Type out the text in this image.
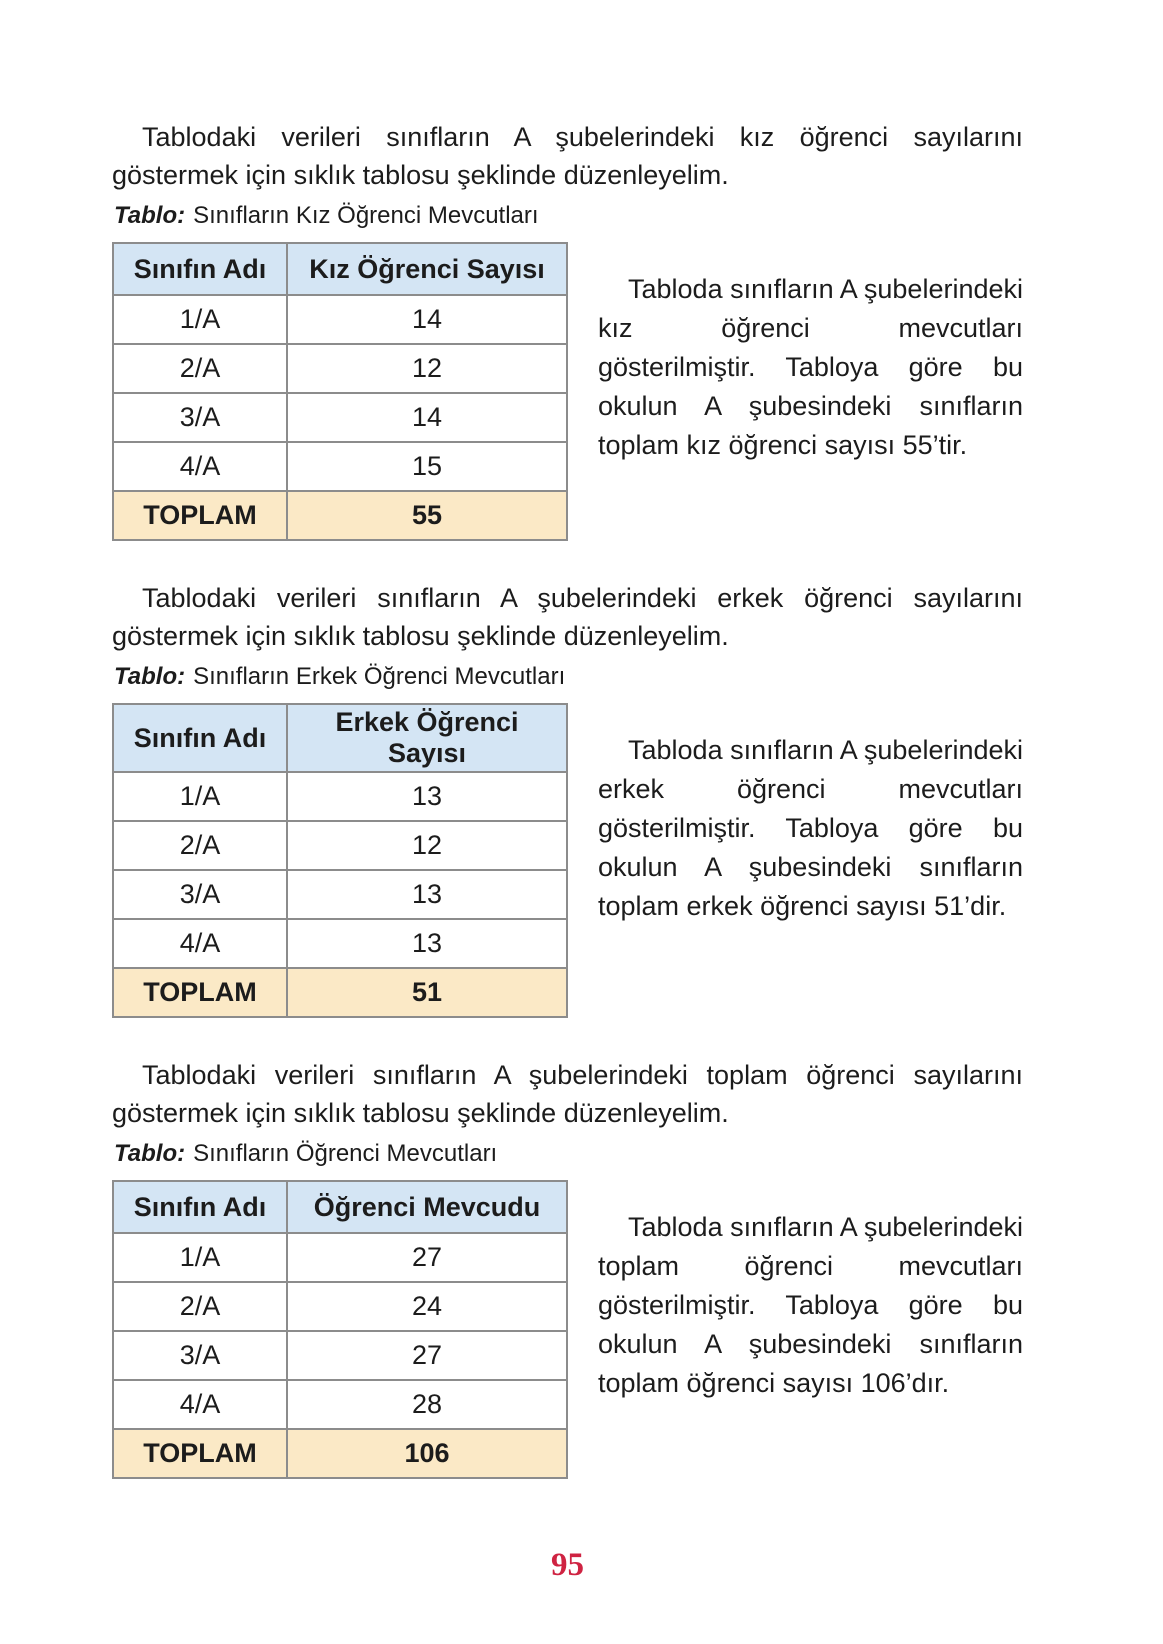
Tablodaki verileri sınıfların A şubelerindeki kız öğrenci sayılarını göstermek için sıklık tablosu şeklinde düzenleyelim.

Tablo: Sınıfların Kız Öğrenci Mevcutları

Sınıfın Adı	Kız Öğrenci Sayısı
1/A	14
2/A	12
3/A	14
4/A	15
TOPLAM	55

Tabloda sınıfların A şubelerindeki kız öğrenci mevcutları gösterilmiştir. Tabloya göre bu okulun A şubesindeki sınıfların toplam kız öğrenci sayısı 55’tir.

Tablodaki verileri sınıfların A şubelerindeki erkek öğrenci sayılarını göstermek için sıklık tablosu şeklinde düzenleyelim.

Tablo: Sınıfların Erkek Öğrenci Mevcutları

Sınıfın Adı	Erkek Öğrenci Sayısı
1/A	13
2/A	12
3/A	13
4/A	13
TOPLAM	51

Tabloda sınıfların A şubelerindeki erkek öğrenci mevcutları gösterilmiştir. Tabloya göre bu okulun A şubesindeki sınıfların toplam erkek öğrenci sayısı 51’dir.

Tablodaki verileri sınıfların A şubelerindeki toplam öğrenci sayılarını göstermek için sıklık tablosu şeklinde düzenleyelim.

Tablo: Sınıfların Öğrenci Mevcutları

Sınıfın Adı	Öğrenci Mevcudu
1/A	27
2/A	24
3/A	27
4/A	28
TOPLAM	106

Tabloda sınıfların A şubelerindeki toplam öğrenci mevcutları gösterilmiştir. Tabloya göre bu okulun A şubesindeki sınıfların toplam öğrenci sayısı 106’dır.

95
